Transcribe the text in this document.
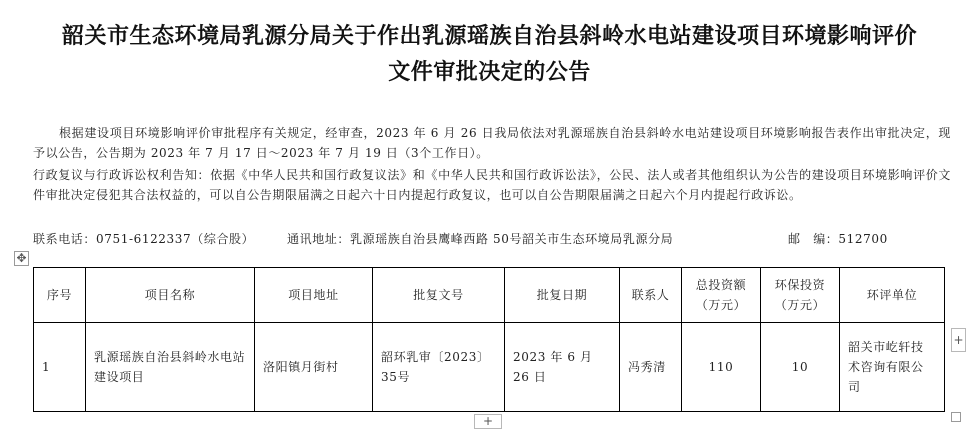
韶关市生态环境局乳源分局关于作出乳源瑶族自治县斜岭水电站建设项目环境影响评价
文件审批决定的公告
根据建设项目环境影响评价审批程序有关规定，经审查，2023 年 6 月 26 日我局依法对乳源瑶族自治县斜岭水电站建设项目环境影响报告表作出审批决定，现予以公告，公告期为 2023 年 7 月 17 日～2023 年 7 月 19 日（3个工作日）。
行政复议与行政诉讼权利告知：依据《中华人民共和国行政复议法》和《中华人民共和国行政诉讼法》，公民、法人或者其他组织认为公告的建设项目环境影响评价文件审批决定侵犯其合法权益的，可以自公告期限届满之日起六十日内提起行政复议，也可以自公告期限届满之日起六个月内提起行政诉讼。
联系电话：0751-6122337（综合股）	通讯地址：乳源瑶族自治县鹰峰西路 50号韶关市生态环境局乳源分局	邮　编：512700
✥
序号	项目名称	项目地址	批复文号	批复日期	联系人	总投资额（万元）	环保投资（万元）	环评单位
1	乳源瑶族自治县斜岭水电站建设项目	洛阳镇月街村	韶环乳审〔2023〕35号	2023 年 6 月 26 日	冯秀清	110	10	韶关市屹轩技术咨询有限公司
+
+
